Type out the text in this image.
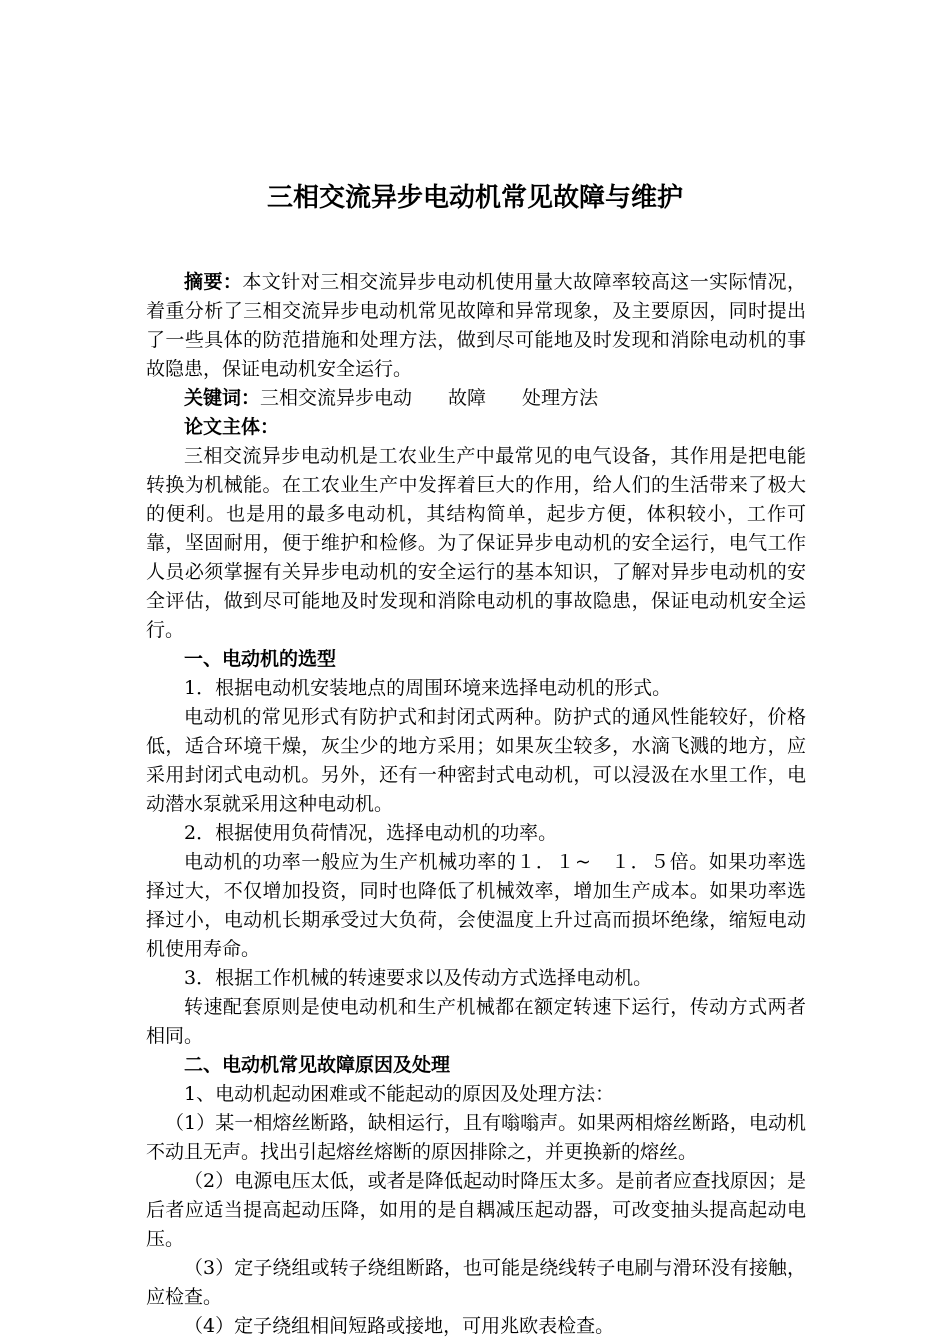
三相交流异步电动机常见故障与维护

摘要：本文针对三相交流异步电动机使用量大故障率较高这一实际情况，着重分析了三相交流异步电动机常见故障和异常现象，及主要原因，同时提出了一些具体的防范措施和处理方法，做到尽可能地及时发现和消除电动机的事故隐患，保证电动机安全运行。

关键词：三相交流异步电动 故障 处理方法

论文主体：

三相交流异步电动机是工农业生产中最常见的电气设备，其作用是把电能转换为机械能。在工农业生产中发挥着巨大的作用，给人们的生活带来了极大的便利。也是用的最多电动机，其结构简单，起步方便，体积较小，工作可靠，坚固耐用，便于维护和检修。为了保证异步电动机的安全运行，电气工作人员必须掌握有关异步电动机的安全运行的基本知识，了解对异步电动机的安全评估，做到尽可能地及时发现和消除电动机的事故隐患，保证电动机安全运行。

一、电动机的选型

1．根据电动机安装地点的周围环境来选择电动机的形式。

电动机的常见形式有防护式和封闭式两种。防护式的通风性能较好，价格低，适合环境干燥，灰尘少的地方采用；如果灰尘较多，水滴飞溅的地方，应采用封闭式电动机。另外，还有一种密封式电动机，可以浸汲在水里工作，电动潜水泵就采用这种电动机。

2．根据使用负荷情况，选择电动机的功率。

电动机的功率一般应为生产机械功率的１．１~　１．５倍。如果功率选择过大，不仅增加投资，同时也降低了机械效率，增加生产成本。如果功率选择过小，电动机长期承受过大负荷，会使温度上升过高而损坏绝缘，缩短电动机使用寿命。

3．根据工作机械的转速要求以及传动方式选择电动机。

转速配套原则是使电动机和生产机械都在额定转速下运行，传动方式两者相同。

二、电动机常见故障原因及处理

1、电动机起动困难或不能起动的原因及处理方法：

（1）某一相熔丝断路，缺相运行，且有嗡嗡声。如果两相熔丝断路，电动机不动且无声。找出引起熔丝熔断的原因排除之，并更换新的熔丝。

（2）电源电压太低，或者是降低起动时降压太多。是前者应查找原因；是后者应适当提高起动压降，如用的是自耦减压起动器，可改变抽头提高起动电压。

（3）定子绕组或转子绕组断路，也可能是绕线转子电刷与滑环没有接触，应检查。

（4）定子绕组相间短路或接地，可用兆欧表检查。
